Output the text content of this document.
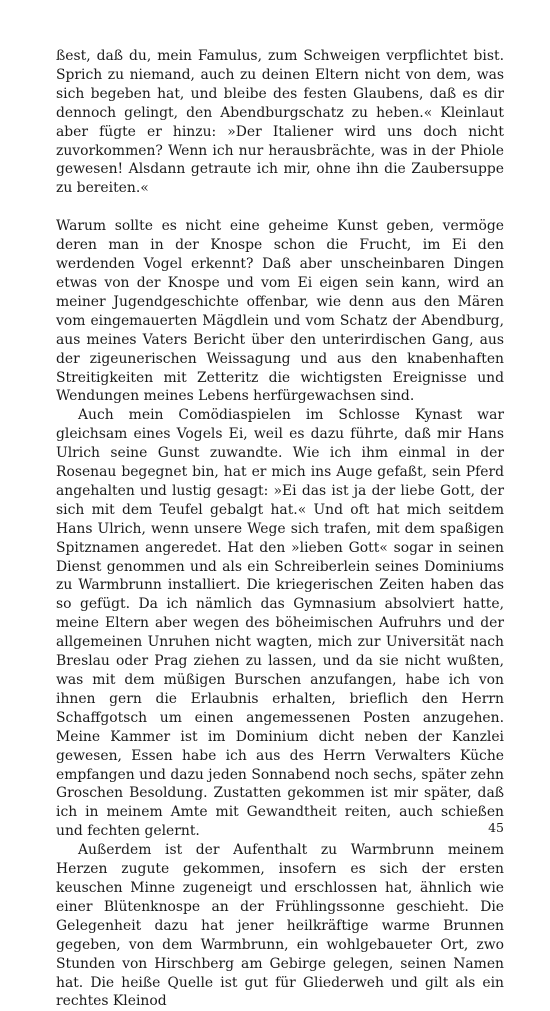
ßest, daß du, mein Famulus, zum Schweigen verpflichtet bist. Sprich zu niemand, auch zu deinen Eltern nicht von dem, was sich begeben hat, und bleibe des festen Glaubens, daß es dir dennoch gelingt, den Abendburgschatz zu heben.« Kleinlaut aber fügte er hinzu: »Der Italiener wird uns doch nicht zuvorkommen? Wenn ich nur herausbrächte, was in der Phiole gewesen! Alsdann getraute ich mir, ohne ihn die Zaubersuppe zu bereiten.«

Warum sollte es nicht eine geheime Kunst geben, vermöge deren man in der Knospe schon die Frucht, im Ei den werdenden Vogel erkennt? Daß aber unscheinbaren Dingen etwas von der Knospe und vom Ei eigen sein kann, wird an meiner Jugendgeschichte offenbar, wie denn aus den Mären vom eingemauerten Mägdlein und vom Schatz der Abendburg, aus meines Vaters Bericht über den unterirdischen Gang, aus der zigeunerischen Weissagung und aus den knabenhaften Streitigkeiten mit Zetteritz die wichtigsten Ereignisse und Wendungen meines Lebens herfürgewachsen sind.

Auch mein Comödiaspielen im Schlosse Kynast war gleichsam eines Vogels Ei, weil es dazu führte, daß mir Hans Ulrich seine Gunst zuwandte. Wie ich ihm einmal in der Rosenau begegnet bin, hat er mich ins Auge gefaßt, sein Pferd angehalten und lustig gesagt: »Ei das ist ja der liebe Gott, der sich mit dem Teufel gebalgt hat.« Und oft hat mich seitdem Hans Ulrich, wenn unsere Wege sich trafen, mit dem spaßigen Spitznamen angeredet. Hat den »lieben Gott« sogar in seinen Dienst genommen und als ein Schreiberlein seines Dominiums zu Warmbrunn installiert. Die kriegerischen Zeiten haben das so gefügt. Da ich nämlich das Gymnasium absolviert hatte, meine Eltern aber wegen des böheimischen Aufruhrs und der allgemeinen Unruhen nicht wagten, mich zur Universität nach Breslau oder Prag ziehen zu lassen, und da sie nicht wußten, was mit dem müßigen Burschen anzufangen, habe ich von ihnen gern die Erlaubnis erhalten, brieflich den Herrn Schaffgotsch um einen angemessenen Posten anzugehen. Meine Kammer ist im Dominium dicht neben der Kanzlei gewesen, Essen habe ich aus des Herrn Verwalters Küche empfangen und dazu jeden Sonnabend noch sechs, später zehn Groschen Besoldung. Zustatten gekommen ist mir später, daß ich in meinem Amte mit Gewandtheit reiten, auch schießen und fechten gelernt.

Außerdem ist der Aufenthalt zu Warmbrunn meinem Herzen zugute gekommen, insofern es sich der ersten keuschen Minne zugeneigt und erschlossen hat, ähnlich wie einer Blütenknospe an der Frühlingssonne geschieht. Die Gelegenheit dazu hat jener heilkräftige warme Brunnen gegeben, von dem Warmbrunn, ein wohlgebaueter Ort, zwo Stunden von Hirschberg am Gebirge gelegen, seinen Namen hat. Die heiße Quelle ist gut für Gliederweh und gilt als ein rechtes Kleinod

45
